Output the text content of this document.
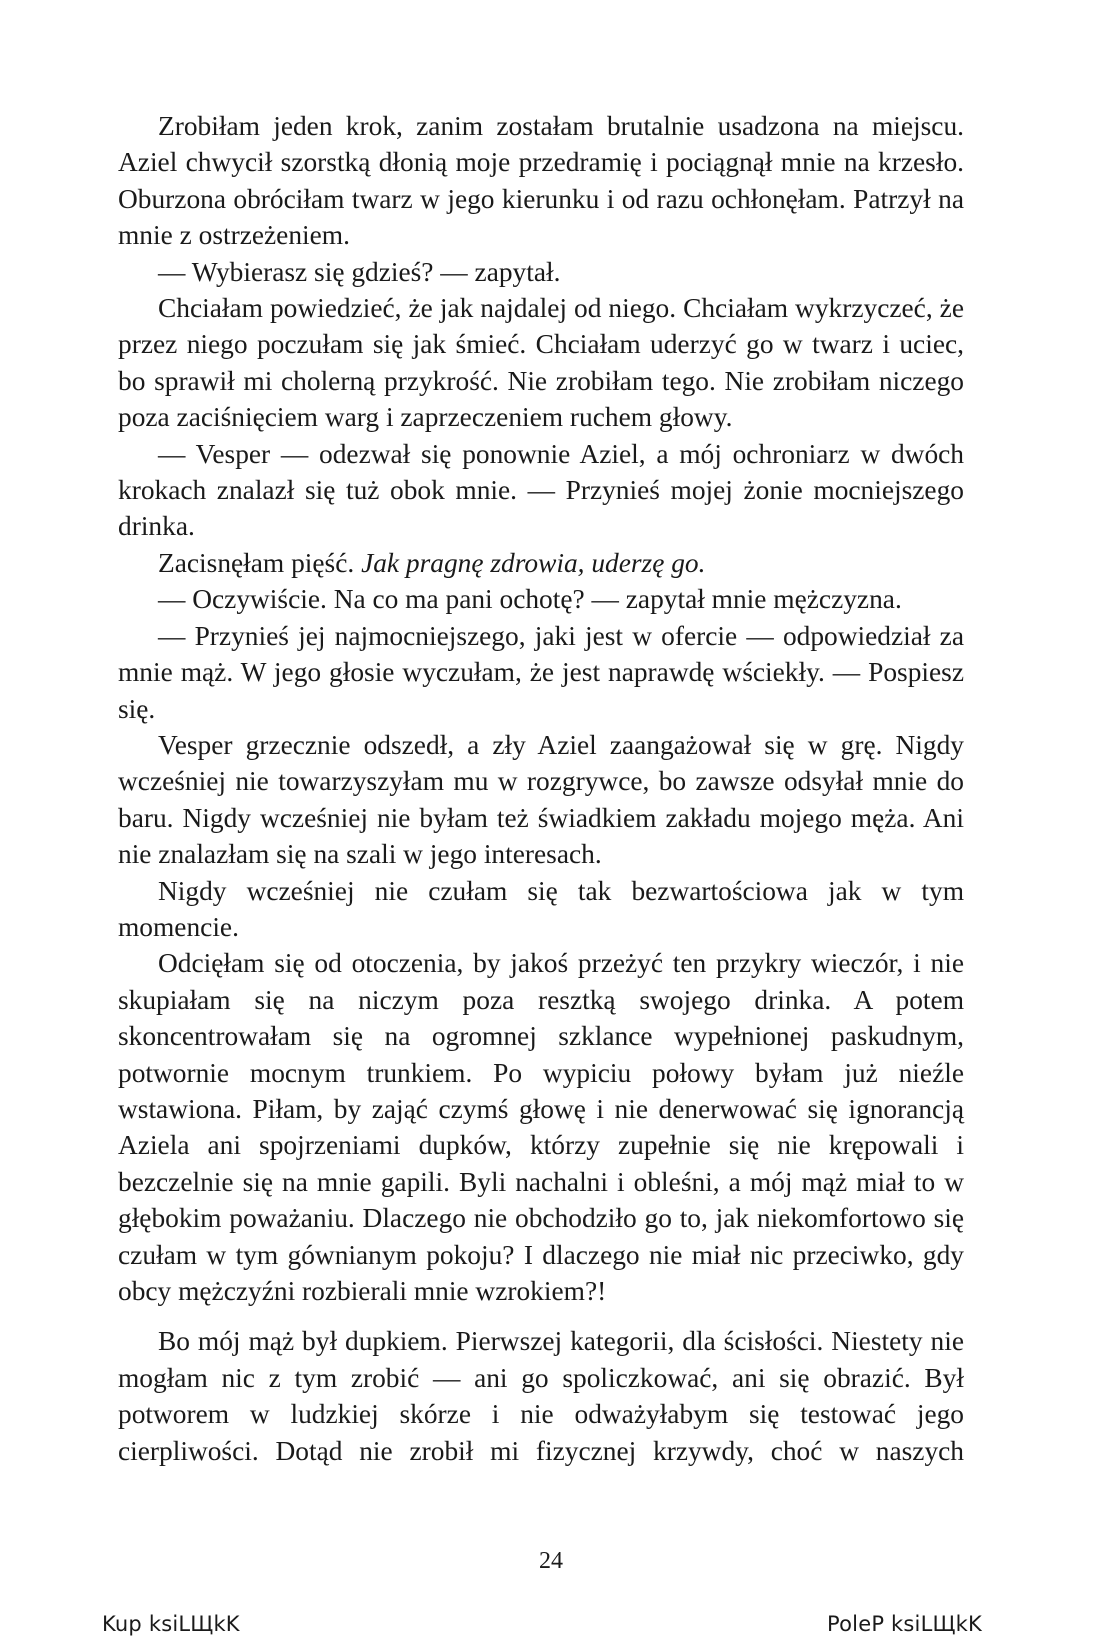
Zrobiłam jeden krok, zanim zostałam brutalnie usadzona na miejscu. Aziel chwycił szorstką dłonią moje przedramię i pociągnął mnie na krzesło. Oburzona obróciłam twarz w jego kierunku i od razu ochłonęłam. Patrzył na mnie z ostrzeżeniem.

— Wybierasz się gdzieś? — zapytał.

Chciałam powiedzieć, że jak najdalej od niego. Chciałam wykrzyczeć, że przez niego poczułam się jak śmieć. Chciałam uderzyć go w twarz i uciec, bo sprawił mi cholerną przykrość. Nie zrobiłam tego. Nie zrobiłam niczego poza zaciśnięciem warg i zaprzeczeniem ruchem głowy.

— Vesper — odezwał się ponownie Aziel, a mój ochroniarz w dwóch krokach znalazł się tuż obok mnie. — Przynieś mojej żonie mocniejszego drinka.

Zacisnęłam pięść. Jak pragnę zdrowia, uderzę go.

— Oczywiście. Na co ma pani ochotę? — zapytał mnie mężczyzna.

— Przynieś jej najmocniejszego, jaki jest w ofercie — odpowiedział za mnie mąż. W jego głosie wyczułam, że jest naprawdę wściekły. — Pospiesz się.

Vesper grzecznie odszedł, a zły Aziel zaangażował się w grę. Nigdy wcześniej nie towarzyszyłam mu w rozgrywce, bo zawsze odsyłał mnie do baru. Nigdy wcześniej nie byłam też świadkiem zakładu mojego męża. Ani nie znalazłam się na szali w jego interesach.

Nigdy wcześniej nie czułam się tak bezwartościowa jak w tym momencie.

Odcięłam się od otoczenia, by jakoś przeżyć ten przykry wieczór, i nie skupiałam się na niczym poza resztką swojego drinka. A potem skoncentrowałam się na ogromnej szklance wypełnionej paskudnym, potwornie mocnym trunkiem. Po wypiciu połowy byłam już nieźle wstawiona. Piłam, by zająć czymś głowę i nie denerwować się ignorancją Aziela ani spojrzeniami dupków, którzy zupełnie się nie krępowali i bezczelnie się na mnie gapili. Byli nachalni i obleśni, a mój mąż miał to w głębokim poważaniu. Dlaczego nie obchodziło go to, jak niekomfortowo się czułam w tym gównianym pokoju? I dlaczego nie miał nic przeciwko, gdy obcy mężczyźni rozbierali mnie wzrokiem?!

Bo mój mąż był dupkiem. Pierwszej kategorii, dla ścisłości. Niestety nie mogłam nic z tym zrobić — ani go spoliczkować, ani się obrazić. Był potworem w ludzkiej skórze i nie odważyłabym się testować jego cierpliwości. Dotąd nie zrobił mi fizycznej krzywdy, choć w naszych

24
Kup ksiLЩkK	PoleP ksiLЩkK
